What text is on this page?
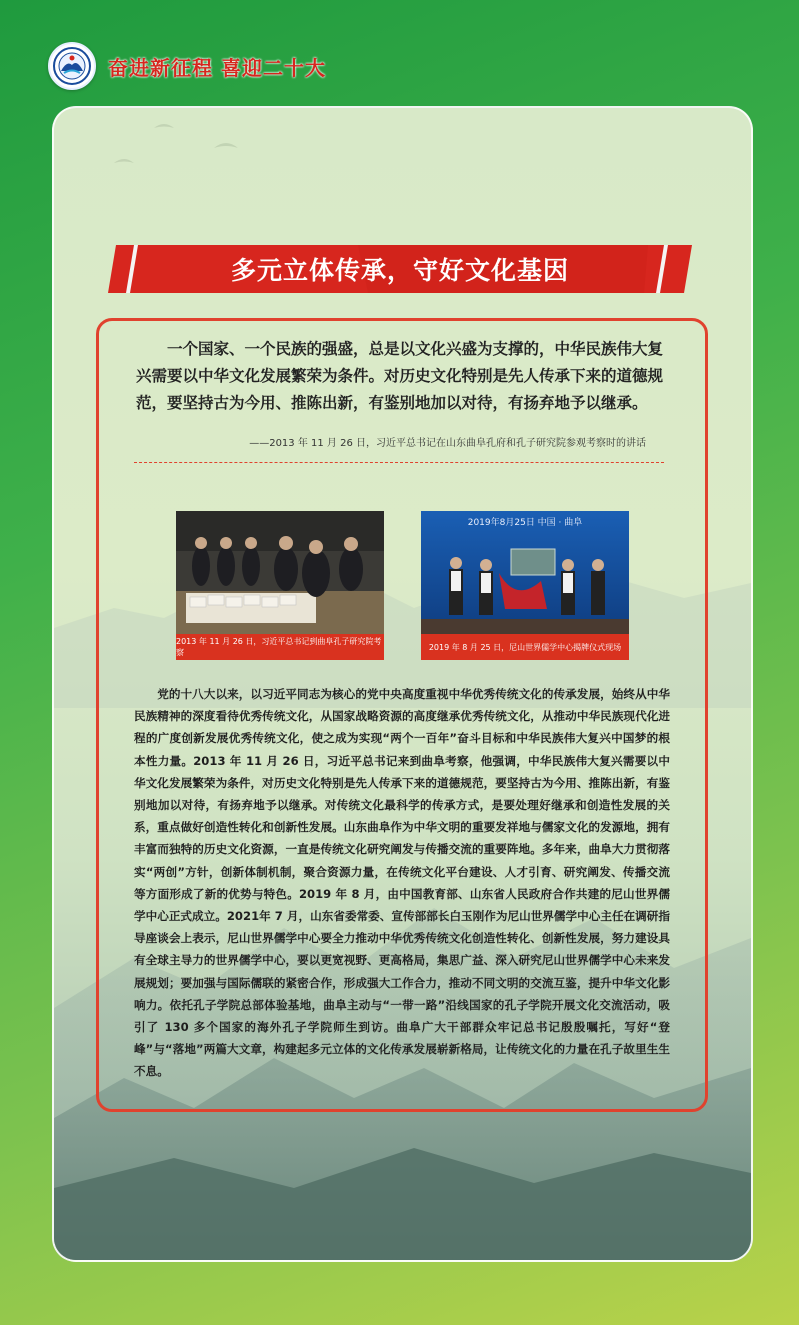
奋进新征程 喜迎二十大
多元立体传承，守好文化基因

一个国家、一个民族的强盛，总是以文化兴盛为支撑的，中华民族伟大复兴需要以中华文化发展繁荣为条件。对历史文化特别是先人传承下来的道德规范，要坚持古为今用、推陈出新，有鉴别地加以对待，有扬弃地予以继承。

——2013 年 11 月 26 日，习近平总书记在山东曲阜孔府和孔子研究院参观考察时的讲话
2013 年 11 月 26 日，习近平总书记到曲阜孔子研究院考察
2019年8月25日 中国 · 曲阜
2019 年 8 月 25 日，尼山世界儒学中心揭牌仪式现场

党的十八大以来，以习近平同志为核心的党中央高度重视中华优秀传统文化的传承发展，始终从中华民族精神的深度看待优秀传统文化，从国家战略资源的高度继承优秀传统文化，从推动中华民族现代化进程的广度创新发展优秀传统文化，使之成为实现“两个一百年”奋斗目标和中华民族伟大复兴中国梦的根本性力量。2013 年 11 月 26 日，习近平总书记来到曲阜考察，他强调，中华民族伟大复兴需要以中华文化发展繁荣为条件，对历史文化特别是先人传承下来的道德规范，要坚持古为今用、推陈出新，有鉴别地加以对待，有扬弃地予以继承。对传统文化最科学的传承方式，是要处理好继承和创造性发展的关系，重点做好创造性转化和创新性发展。山东曲阜作为中华文明的重要发祥地与儒家文化的发源地，拥有丰富而独特的历史文化资源，一直是传统文化研究阐发与传播交流的重要阵地。多年来，曲阜大力贯彻落实“两创”方针，创新体制机制，聚合资源力量，在传统文化平台建设、人才引育、研究阐发、传播交流等方面形成了新的优势与特色。2019 年 8 月，由中国教育部、山东省人民政府合作共建的尼山世界儒学中心正式成立。2021年 7 月，山东省委常委、宣传部部长白玉刚作为尼山世界儒学中心主任在调研指导座谈会上表示，尼山世界儒学中心要全力推动中华优秀传统文化创造性转化、创新性发展，努力建设具有全球主导力的世界儒学中心，要以更宽视野、更高格局，集思广益、深入研究尼山世界儒学中心未来发展规划；要加强与国际儒联的紧密合作，形成强大工作合力，推动不同文明的交流互鉴，提升中华文化影响力。依托孔子学院总部体验基地，曲阜主动与“一带一路”沿线国家的孔子学院开展文化交流活动，吸引了 130 多个国家的海外孔子学院师生到访。曲阜广大干部群众牢记总书记殷殷嘱托，写好“登峰”与“落地”两篇大文章，构建起多元立体的文化传承发展崭新格局，让传统文化的力量在孔子故里生生不息。
